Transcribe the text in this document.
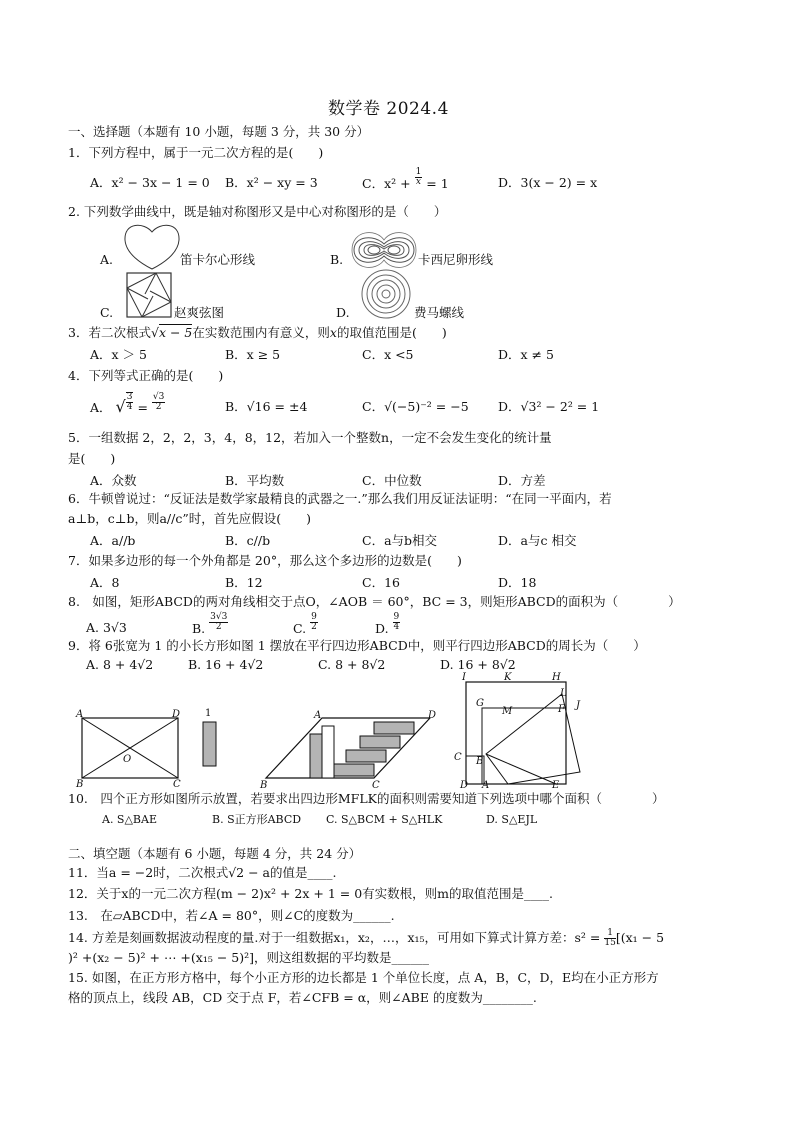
数学卷 2024.4
一、选择题（本题有 10 小题，每题 3 分，共 30 分）
1．下列方程中，属于一元二次方程的是(　　)
A．x² − 3x − 1 = 0 B．x² − xy = 3	C．$x^2 + \frac{1}{x} = 1$	D．3(x − 2) = x
2. 下列数学曲线中，既是轴对称图形又是中心对称图形的是（　　）
A.	笛卡尔心形线	B.	卡西尼卵形线
C.	赵爽弦图	D.	费马螺线
3．若二次根式√x − 5在实数范围内有意义，则x的取值范围是(　　)
A．x ＞ 5	B．x ≥ 5	C．x <5	D．x ≠ 5
4．下列等式正确的是(　　)
A． √ $\frac{3}{4} = \frac{√3}{2}$	B．√16 = ±4	C．√(−5)⁻² = −5 D．√3² − 2² = 1
5．一组数据 2，2，2，3，4，8，12，若加入一个整数n，一定不会发生变化的统计量
是(　　)
A．众数	B．平均数	C．中位数	D．方差
6．牛顿曾说过：“反证法是数学家最精良的武器之一.”那么我们用反证法证明：“在同一平面内，若
a⊥b，c⊥b，则a//c”时，首先应假设(　　)
A．a//b	B．c//b	C．a与b相交	D．a与c 相交
7．如果多边形的每一个外角都是 20°，那么这个多边形的边数是(　　)
A．8	B．12	C．16	D．18
8.　如图，矩形ABCD的两对角线相交于点O，∠AOB ＝ 60°，BC = 3，则矩形ABCD的面积为（　　　　）
A. 3√3	B. $\frac{3√3}{2}$	C. $\frac{9}{2}$	D. $\frac{9}{4}$
9．将 6张宽为 1 的小长方形如图 1 摆放在平行四边形ABCD中，则平行四边形ABCD的周长为（　　）
A. 8 + 4√2	B. 16 + 4√2	C. 8 + 8√2	D. 16 + 8√2
A	D
O
B	C
1	A	D
B	C
I	K	H
L
G
M	F J
C B
D A	E
10.　四个正方形如图所示放置，若要求出四边形MFLK的面积则需要知道下列选项中哪个面积（　　　　）
A. S△BAE	B. S正方形ABCD C. S△BCM + S△HLK	D. S△EJL
二、填空题（本题有 6 小题，每题 4 分，共 24 分）
11．当a = −2时，二次根式√2 − a的值是____.
12．关于x的一元二次方程(m − 2)x² + 2x + 1 = 0有实数根，则m的取值范围是____.
13.　在▱ABCD中，若∠A = 80°，则∠C的度数为______.
14. 方差是刻画数据波动程度的量.对于一组数据x₁，x₂，…，x₁₅，可用如下算式计算方差：$s^2 = \frac{1}{15} [(x_1 - 5$
)² +(x₂ − 5)² + ⋯ +(x₁₅ − 5)²]，则这组数据的平均数是______
15. 如图，在正方形方格中，每个小正方形的边长都是 1 个单位长度，点 A，B，C，D，E均在小正方形方
格的顶点上，线段 AB，CD 交于点 F，若∠CFB = α，则∠ABE 的度数为________.
